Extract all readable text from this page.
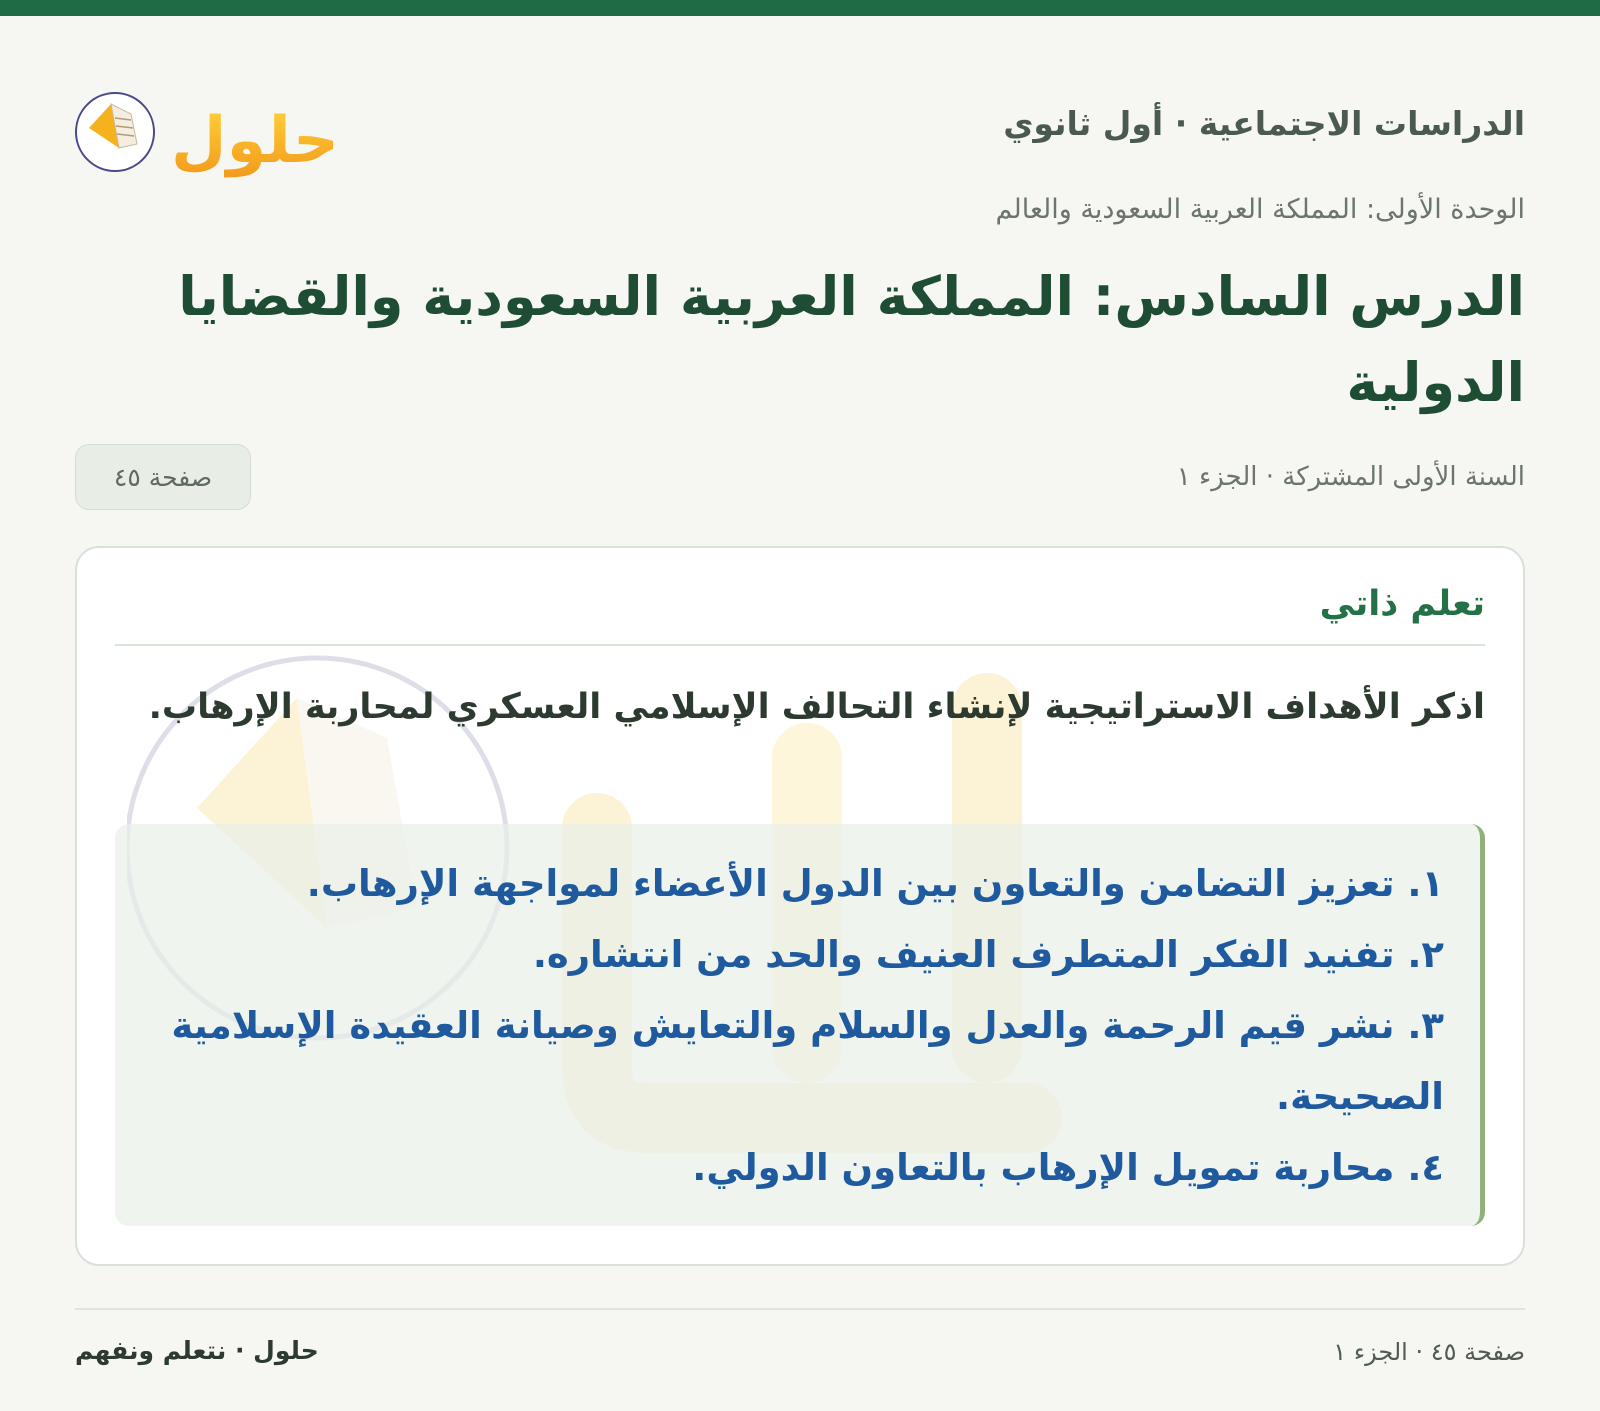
الدراسات الاجتماعية · أول ثانوي
حلول
الوحدة الأولى: المملكة العربية السعودية والعالم
الدرس السادس: المملكة العربية السعودية والقضايا الدولية
السنة الأولى المشتركة · الجزء ١
صفحة ٤٥
تعلم ذاتي

اذكر الأهداف الاستراتيجية لإنشاء التحالف الإسلامي العسكري لمحاربة الإرهاب.

١. تعزيز التضامن والتعاون بين الدول الأعضاء لمواجهة الإرهاب.
٢. تفنيد الفكر المتطرف العنيف والحد من انتشاره.
٣. نشر قيم الرحمة والعدل والسلام والتعايش وصيانة العقيدة الإسلامية الصحيحة.
٤. محاربة تمويل الإرهاب بالتعاون الدولي.
صفحة ٤٥ · الجزء ١
حلول · نتعلم ونفهم
